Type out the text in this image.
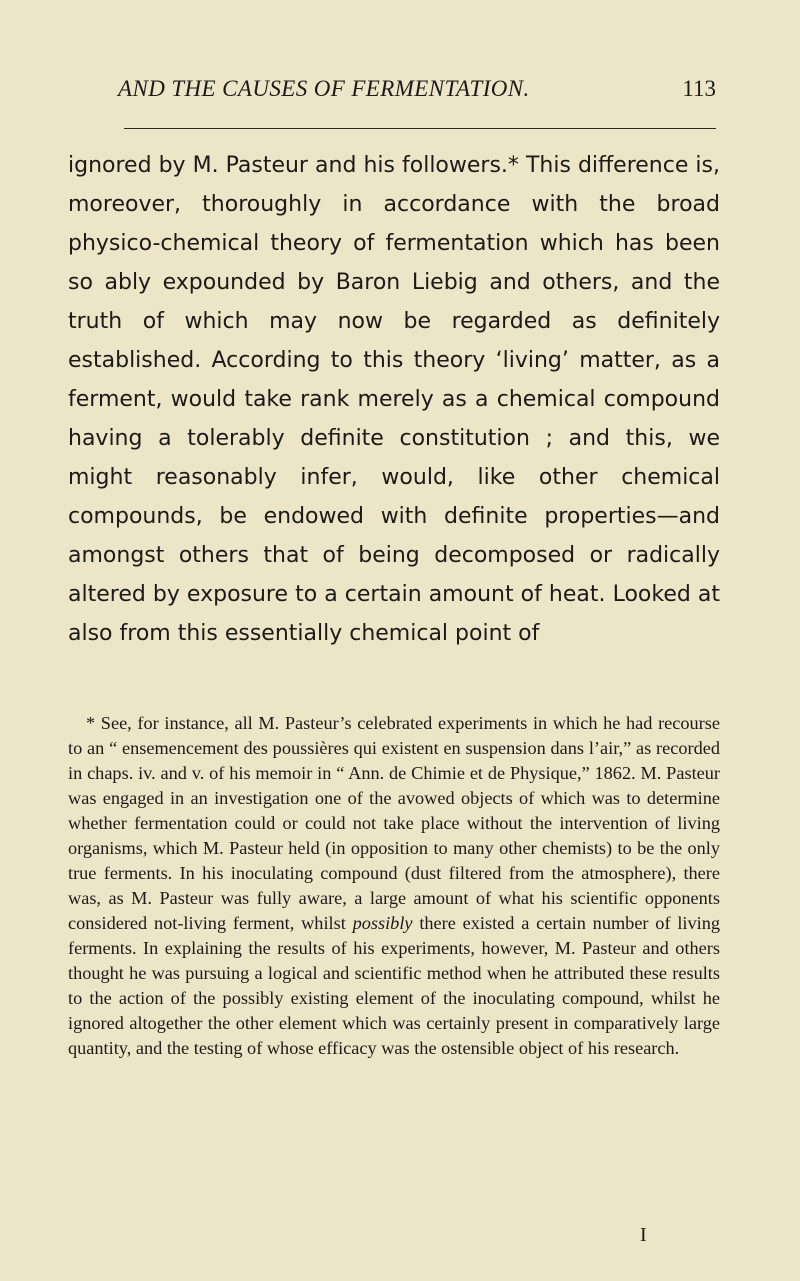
AND THE CAUSES OF FERMENTATION.	113

ignored by M. Pasteur and his followers.* This difference is, moreover, thoroughly in accordance with the broad physico-chemical theory of fermentation which has been so ably expounded by Baron Liebig and others, and the truth of which may now be regarded as definitely established. According to this theory ‘living’ matter, as a ferment, would take rank merely as a chemical compound having a tolerably definite constitution ; and this, we might reasonably infer, would, like other chemical compounds, be endowed with definite properties—and amongst others that of being decomposed or radically altered by exposure to a certain amount of heat. Looked at also from this essentially chemical point of

* See, for instance, all M. Pasteur’s celebrated experiments in which he had recourse to an “ ensemencement des poussières qui existent en suspension dans l’air,” as recorded in chaps. iv. and v. of his memoir in “ Ann. de Chimie et de Physique,” 1862. M. Pasteur was engaged in an investigation one of the avowed objects of which was to determine whether fermentation could or could not take place without the intervention of living organisms, which M. Pasteur held (in opposition to many other chemists) to be the only true ferments. In his inoculating compound (dust filtered from the atmosphere), there was, as M. Pasteur was fully aware, a large amount of what his scientific opponents considered not-living ferment, whilst possibly there existed a certain number of living ferments. In explaining the results of his experiments, however, M. Pasteur and others thought he was pursuing a logical and scientific method when he attributed these results to the action of the possibly existing element of the inoculating compound, whilst he ignored altogether the other element which was certainly present in comparatively large quantity, and the testing of whose efficacy was the ostensible object of his research.

I
